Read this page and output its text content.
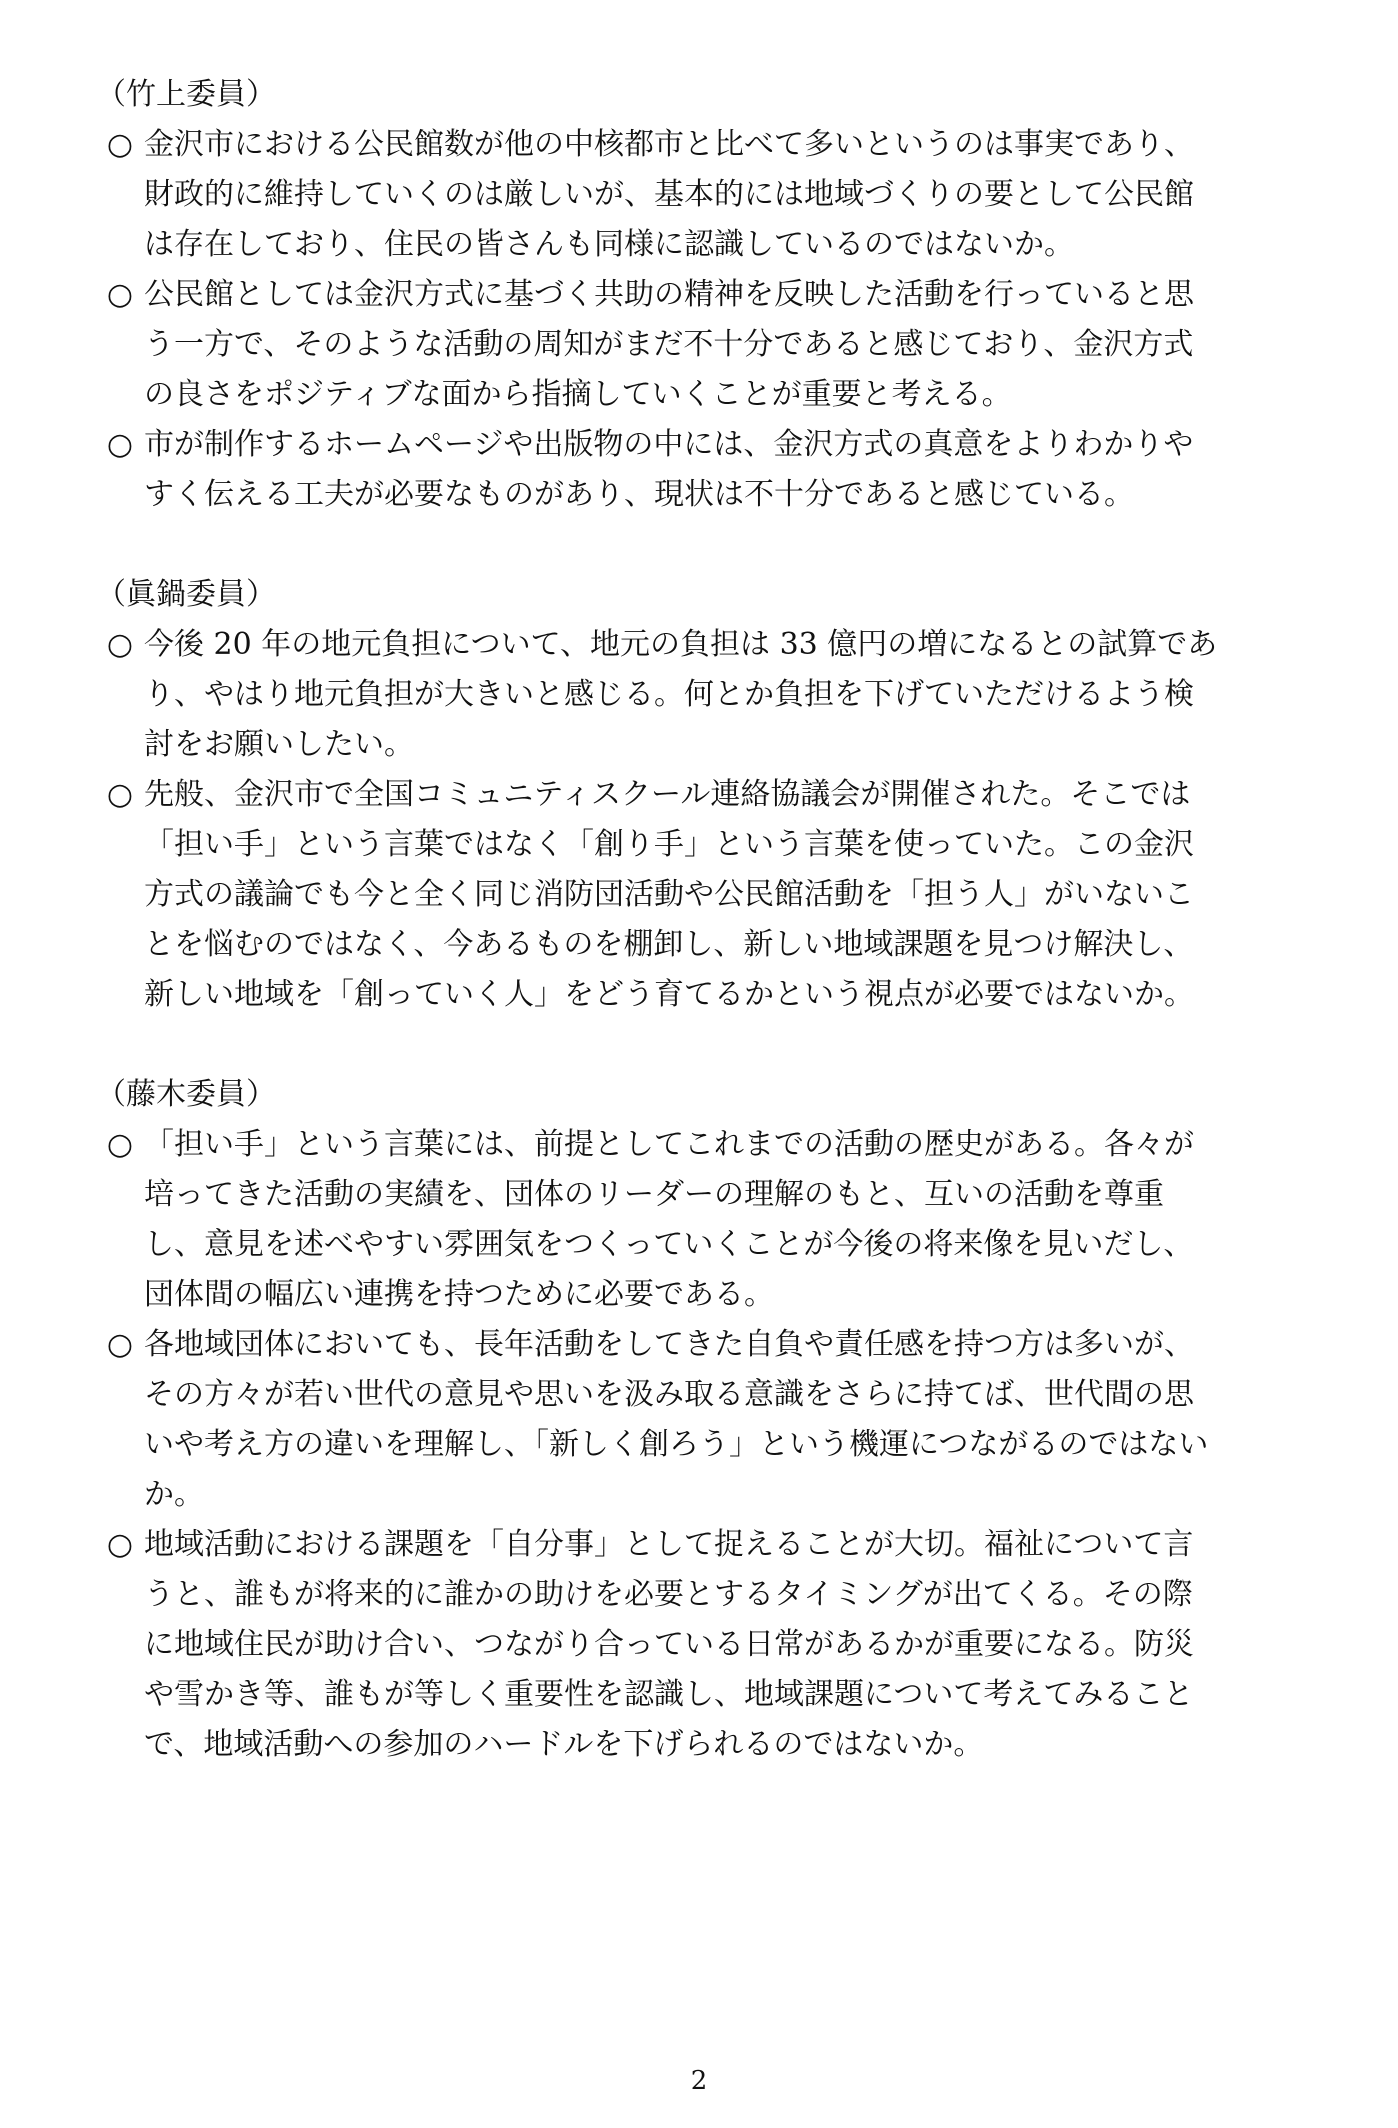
（竹上委員）
○ 金沢市における公民館数が他の中核都市と比べて多いというのは事実であり、
財政的に維持していくのは厳しいが、基本的には地域づくりの要として公民館
は存在しており、住民の皆さんも同様に認識しているのではないか。
○ 公民館としては金沢方式に基づく共助の精神を反映した活動を行っていると思
う一方で、そのような活動の周知がまだ不十分であると感じており、金沢方式
の良さをポジティブな面から指摘していくことが重要と考える。
○ 市が制作するホームページや出版物の中には、金沢方式の真意をよりわかりや
すく伝える工夫が必要なものがあり、現状は不十分であると感じている。
（眞鍋委員）
○ 今後 20 年の地元負担について、地元の負担は 33 億円の増になるとの試算であ
り、やはり地元負担が大きいと感じる。何とか負担を下げていただけるよう検
討をお願いしたい。
○ 先般、金沢市で全国コミュニティスクール連絡協議会が開催された。そこでは
「担い手」という言葉ではなく「創り手」という言葉を使っていた。この金沢
方式の議論でも今と全く同じ消防団活動や公民館活動を「担う人」がいないこ
とを悩むのではなく、今あるものを棚卸し、新しい地域課題を見つけ解決し、
新しい地域を「創っていく人」をどう育てるかという視点が必要ではないか。
（藤木委員）
○ 「担い手」という言葉には、前提としてこれまでの活動の歴史がある。各々が
培ってきた活動の実績を、団体のリーダーの理解のもと、互いの活動を尊重
し、意見を述べやすい雰囲気をつくっていくことが今後の将来像を見いだし、
団体間の幅広い連携を持つために必要である。
○ 各地域団体においても、長年活動をしてきた自負や責任感を持つ方は多いが、
その方々が若い世代の意見や思いを汲み取る意識をさらに持てば、世代間の思
いや考え方の違いを理解し、「新しく創ろう」という機運につながるのではない
か。
○ 地域活動における課題を「自分事」として捉えることが大切。福祉について言
うと、誰もが将来的に誰かの助けを必要とするタイミングが出てくる。その際
に地域住民が助け合い、つながり合っている日常があるかが重要になる。防災
や雪かき等、誰もが等しく重要性を認識し、地域課題について考えてみること
で、地域活動への参加のハードルを下げられるのではないか。
2
